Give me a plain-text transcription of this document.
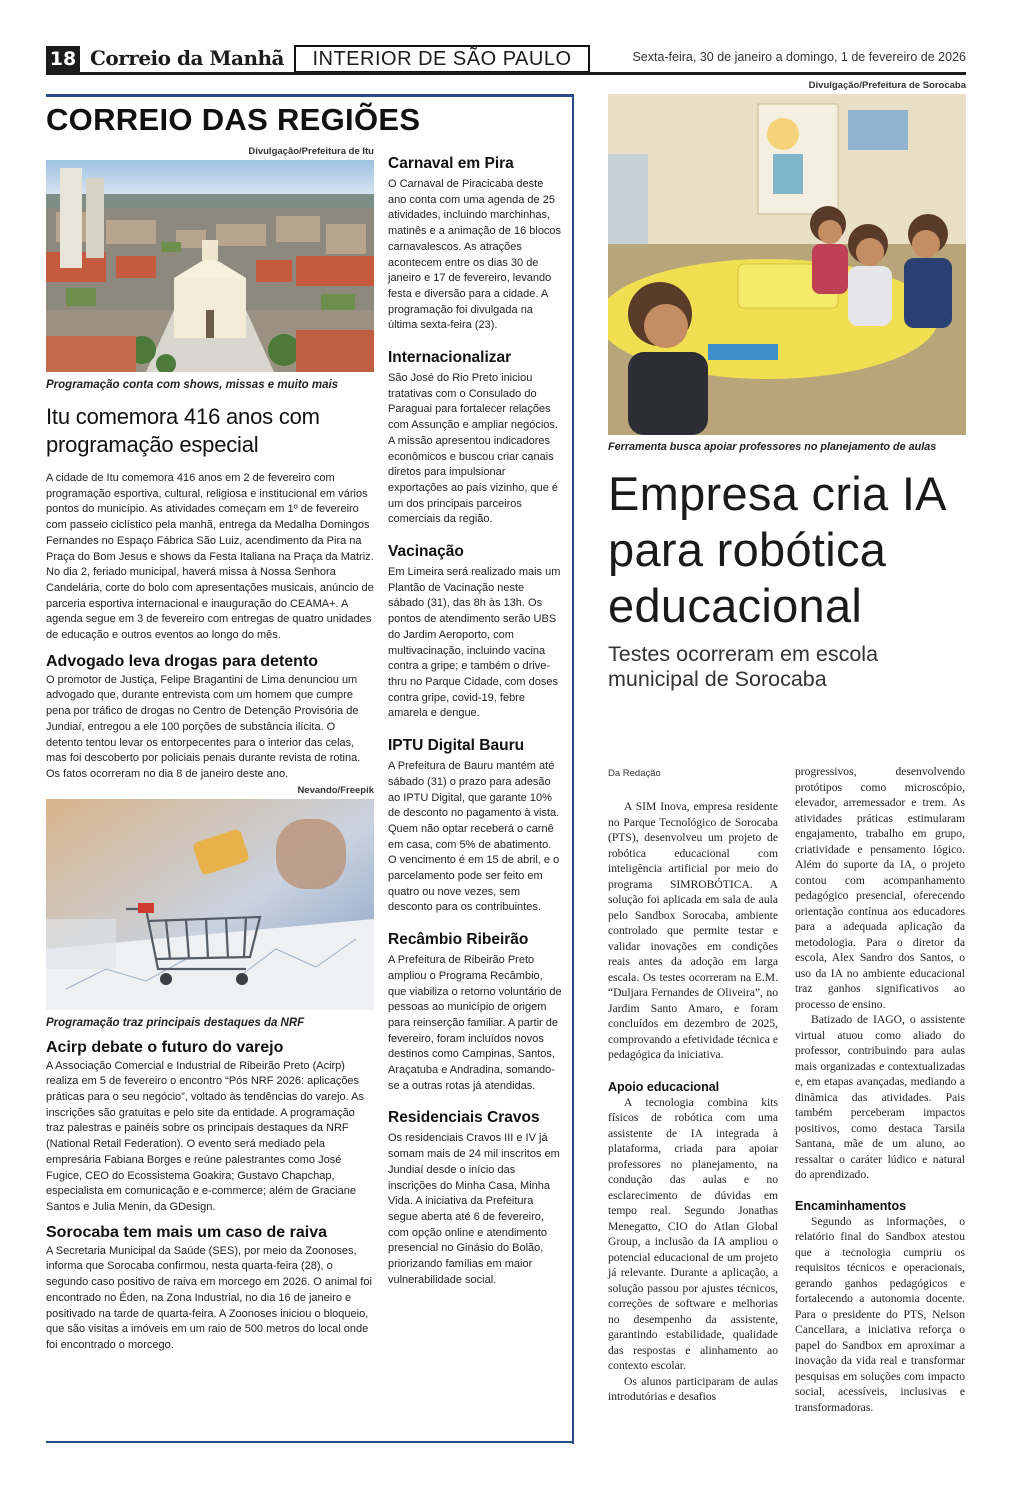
18 Correio da Manhã	INTERIOR DE SÃO PAULO	Sexta-feira, 30 de janeiro a domingo, 1 de fevereiro de 2026
CORREIO DAS REGIÕES
Divulgação/Prefeitura de Itu
Programação conta com shows, missas e muito mais
Itu comemora 416 anos com programação especial

A cidade de Itu comemora 416 anos em 2 de fevereiro com programação esportiva, cultural, religiosa e institucional em vários pontos do município. As atividades começam em 1º de fevereiro com passeio ciclístico pela manhã, entrega da Medalha Domingos Fernandes no Espaço Fábrica São Luiz, acendimento da Pira na Praça do Bom Jesus e shows da Festa Italiana na Praça da Matriz. No dia 2, feriado municipal, haverá missa à Nossa Senhora Candelária, corte do bolo com apresentações musicais, anúncio de parceria esportiva internacional e inauguração do CEAMA+. A agenda segue em 3 de fevereiro com entregas de quatro unidades de educação e outros eventos ao longo do mês.

Advogado leva drogas para detento

O promotor de Justiça, Felipe Bragantini de Lima denunciou um advogado que, durante entrevista com um homem que cumpre pena por tráfico de drogas no Centro de Detenção Provisória de Jundiaí, entregou a ele 100 porções de substância ilícita. O detento tentou levar os entorpecentes para o interior das celas, mas foi descoberto por policiais penais durante revista de rotina. Os fatos ocorreram no dia 8 de janeiro deste ano.

Nevando/Freepik
Programação traz principais destaques da NRF
Acirp debate o futuro do varejo

A Associação Comercial e Industrial de Ribeirão Preto (Acirp) realiza em 5 de fevereiro o encontro “Pós NRF 2026: aplicações práticas para o seu negócio”, voltado às tendências do varejo. As inscrições são gratuitas e pelo site da entidade. A programação traz palestras e painéis sobre os principais destaques da NRF (National Retail Federation). O evento será mediado pela empresária Fabiana Borges e reúne palestrantes como José Fugice, CEO do Ecossistema Goakira; Gustavo Chapchap, especialista em comunicação e e-commerce; além de Graciane Santos e Julia Menin, da GDesign.

Sorocaba tem mais um caso de raiva

A Secretaria Municipal da Saúde (SES), por meio da Zoonoses, informa que Sorocaba confirmou, nesta quarta-feira (28), o segundo caso positivo de raiva em morcego em 2026. O animal foi encontrado no Éden, na Zona Industrial, no dia 16 de janeiro e positivado na tarde de quarta-feira. A Zoonoses iniciou o bloqueio, que são visitas a imóveis em um raio de 500 metros do local onde foi encontrado o morcego.

Carnaval em Pira

O Carnaval de Piracicaba deste ano conta com uma agenda de 25 atividades, incluindo marchinhas, matinês e a animação de 16 blocos carnavalescos. As atrações acontecem entre os dias 30 de janeiro e 17 de fevereiro, levando festa e diversão para a cidade. A programação foi divulgada na última sexta-feira (23).

Internacionalizar

São José do Rio Preto iniciou tratativas com o Consulado do Paraguai para fortalecer relações com Assunção e ampliar negócios. A missão apresentou indicadores econômicos e buscou criar canais diretos para impulsionar exportações ao país vizinho, que é um dos principais parceiros comerciais da região.

Vacinação

Em Limeira será realizado mais um Plantão de Vacinação neste sábado (31), das 8h às 13h. Os pontos de atendimento serão UBS do Jardim Aeroporto, com multivacinação, incluindo vacina contra a gripe; e também o drive-thru no Parque Cidade, com doses contra gripe, covid-19, febre amarela e dengue.

IPTU Digital Bauru

A Prefeitura de Bauru mantém até sábado (31) o prazo para adesão ao IPTU Digital, que garante 10% de desconto no pagamento à vista. Quem não optar receberá o carnê em casa, com 5% de abatimento. O vencimento é em 15 de abril, e o parcelamento pode ser feito em quatro ou nove vezes, sem desconto para os contribuintes.

Recâmbio Ribeirão

A Prefeitura de Ribeirão Preto ampliou o Programa Recâmbio, que viabiliza o retorno voluntário de pessoas ao município de origem para reinserção familiar. A partir de fevereiro, foram incluídos novos destinos como Campinas, Santos, Araçatuba e Andradina, somando-se a outras rotas já atendidas.

Residenciais Cravos

Os residenciais Cravos III e IV já somam mais de 24 mil inscritos em Jundiaí desde o início das inscrições do Minha Casa, Minha Vida. A iniciativa da Prefeitura segue aberta até 6 de fevereiro, com opção online e atendimento presencial no Ginásio do Bolão, priorizando famílias em maior vulnerabilidade social.

Divulgação/Prefeitura de Sorocaba
Ferramenta busca apoiar professores no planejamento de aulas
Empresa cria IA para robótica educacional
Testes ocorreram em escola municipal de Sorocaba
Da Redação

A SIM Inova, empresa residente no Parque Tecnológico de Sorocaba (PTS), desenvolveu um projeto de robótica educacional com inteligência artificial por meio do programa SIMROBÓTICA. A solução foi aplicada em sala de aula pelo Sandbox Sorocaba, ambiente controlado que permite testar e validar inovações em condições reais antes da adoção em larga escala. Os testes ocorreram na E.M. “Duljara Fernandes de Oliveira”, no Jardim Santo Amaro, e foram concluídos em dezembro de 2025, comprovando a efetividade técnica e pedagógica da iniciativa.

Apoio educacional

A tecnologia combina kits físicos de robótica com uma assistente de IA integrada à plataforma, criada para apoiar professores no planejamento, na condução das aulas e no esclarecimento de dúvidas em tempo real. Segundo Jonathas Menegatto, CIO do Atlan Global Group, a inclusão da IA ampliou o potencial educacional de um projeto já relevante. Durante a aplicação, a solução passou por ajustes técnicos, correções de software e melhorias no desempenho da assistente, garantindo estabilidade, qualidade das respostas e alinhamento ao contexto escolar.

Os alunos participaram de aulas introdutórias e desafios

progressivos, desenvolvendo protótipos como microscópio, elevador, arremessador e trem. As atividades práticas estimularam engajamento, trabalho em grupo, criatividade e pensamento lógico. Além do suporte da IA, o projeto contou com acompanhamento pedagógico presencial, oferecendo orientação contínua aos educadores para a adequada aplicação da metodologia. Para o diretor da escola, Alex Sandro dos Santos, o uso da IA no ambiente educacional traz ganhos significativos ao processo de ensino.

Batizado de IAGO, o assistente virtual atuou como aliado do professor, contribuindo para aulas mais organizadas e contextualizadas e, em etapas avançadas, mediando a dinâmica das atividades. Pais também perceberam impactos positivos, como destaca Tarsila Santana, mãe de um aluno, ao ressaltar o caráter lúdico e natural do aprendizado.

Encaminhamentos

Segundo as informações, o relatório final do Sandbox atestou que a tecnologia cumpriu os requisitos técnicos e operacionais, gerando ganhos pedagógicos e fortalecendo a autonomia docente. Para o presidente do PTS, Nelson Cancellara, a iniciativa reforça o papel do Sandbox em aproximar a inovação da vida real e transformar pesquisas em soluções com impacto social, acessíveis, inclusivas e transformadoras.
